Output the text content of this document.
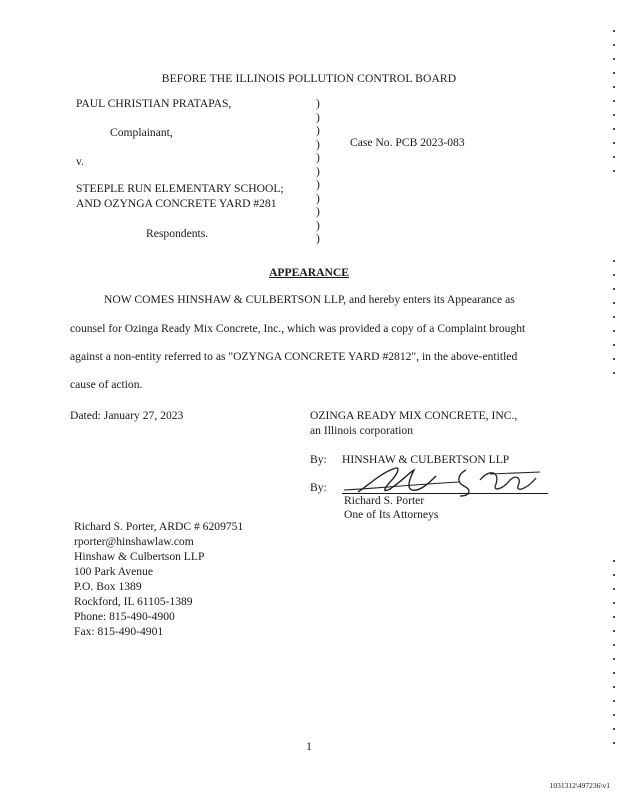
BEFORE THE ILLINOIS POLLUTION CONTROL BOARD
PAUL CHRISTIAN PRATAPAS,
Complainant,
v.
STEEPLE RUN ELEMENTARY SCHOOL;
AND OZYNGA CONCRETE YARD #281
Respondents.
)
)
)
)
)
)
)
)
)
)
)
Case No. PCB 2023-083
APPEARANCE
NOW COMES HINSHAW & CULBERTSON LLP, and hereby enters its Appearance as
counsel for Ozinga Ready Mix Concrete, Inc., which was provided a copy of a Complaint brought
against a non-entity referred to as "OZYNGA CONCRETE YARD #2812", in the above-entitled
cause of action.
Dated: January 27, 2023	OZINGA READY MIX CONCRETE, INC.,
an Illinois corporation
By: HINSHAW & CULBERTSON LLP
By:
Richard S. Porter
One of Its Attorneys
Richard S. Porter, ARDC # 6209751
rporter@hinshawlaw.com
Hinshaw & Culbertson LLP
100 Park Avenue
P.O. Box 1389
Rockford, IL 61105-1389
Phone: 815-490-4900
Fax: 815-490-4901
1
1031312\497236\v1
